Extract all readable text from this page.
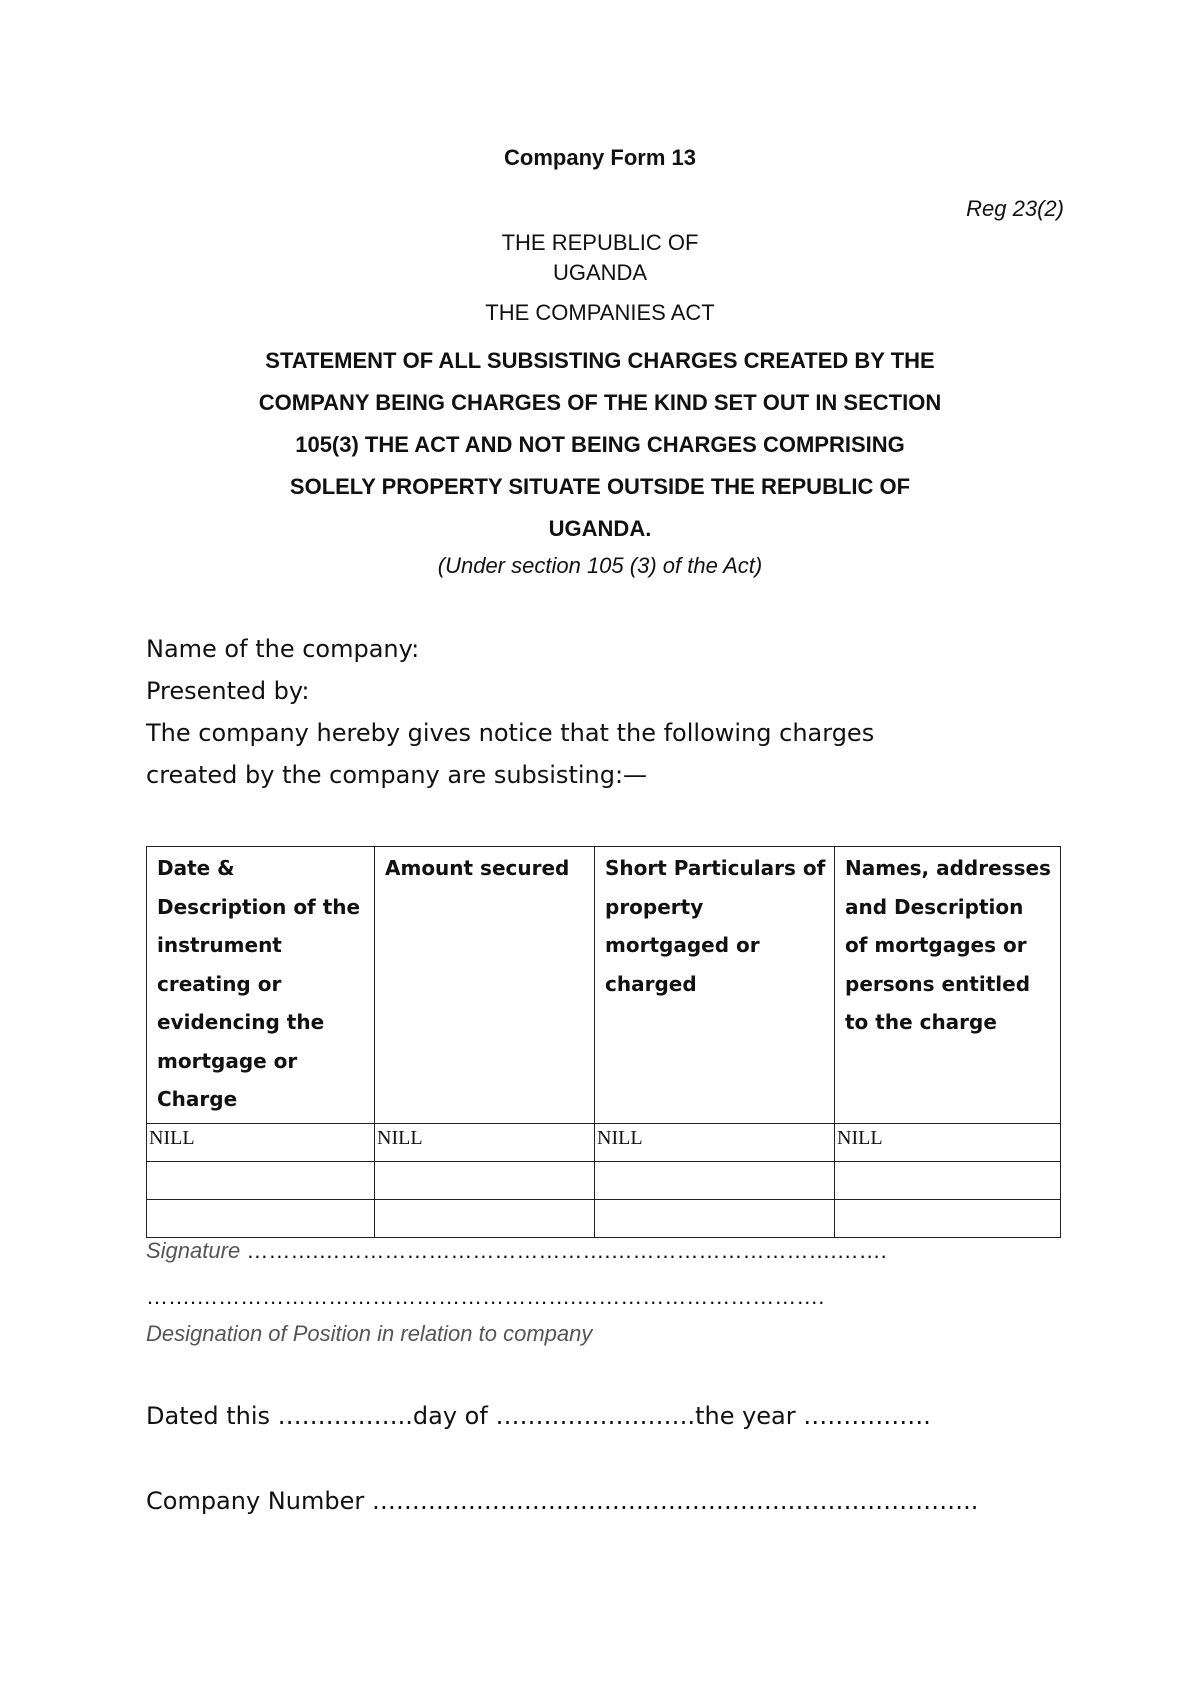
Company Form 13
Reg 23(2)
THE REPUBLIC OF
UGANDA
THE COMPANIES ACT
STATEMENT OF ALL SUBSISTING CHARGES CREATED BY THE
COMPANY BEING CHARGES OF THE KIND SET OUT IN SECTION
105(3) THE ACT AND NOT BEING CHARGES COMPRISING
SOLELY PROPERTY SITUATE OUTSIDE THE REPUBLIC OF
UGANDA.
(Under section 105 (3) of the Act)
Name of the company:
Presented by:
The company hereby gives notice that the following charges
created by the company are subsisting:—
Date & Description of the instrument creating or evidencing the mortgage or Charge	Amount secured	Short Particulars of property mortgaged or charged	Names, addresses and Description of mortgages or persons entitled to the charge
NILL	NILL	NILL	NILL

Signature ……….………………………………….………………………….…….
…….…………………………………………….…………………………….
Designation of Position in relation to company
Dated this ……………..day of …………………….the year …………….
Company Number …………………………………………….……….…………..
